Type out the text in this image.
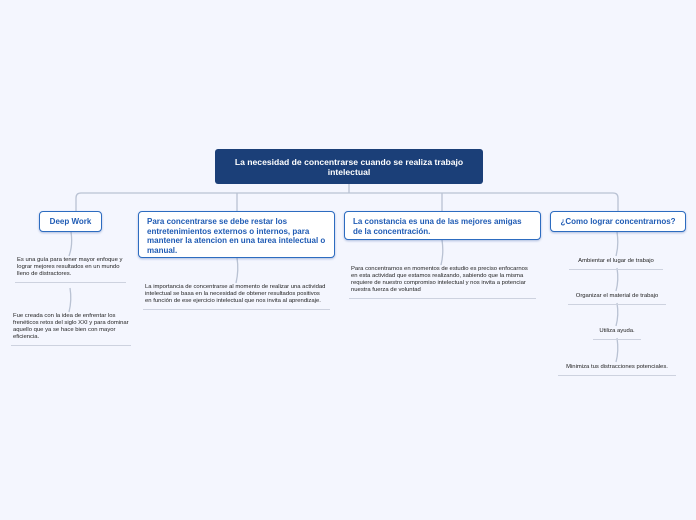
La necesidad de concentrarse cuando se realiza trabajo intelectual
Deep Work	Para concentrarse se debe restar los entretenimientos externos o internos, para mantener la atencion en una tarea intelectual o manual.
La constancia es una de las mejores amigas de la concentración.
¿Como lograr concentrarnos?
Es una guía para tener mayor enfoque y lograr mejores resultados en un mundo lleno de distractores.
Fue creada con la idea de enfrentar los frenéticos retos del siglo XXI y para dominar aquello que ya se hace bien con mayor eficiencia.
La importancia de concentrarse al momento de realizar una actividad intelectual se basa en la necesidad de obtener resultados positivos en función de ese ejercicio intelectual que nos invita al aprendizaje.
Para concentrarnos en momentos de estudio es preciso enfocarnos en esta actividad que estamos realizando, sabiendo que la misma requiere de nuestro compromiso intelectual y nos invita a potenciar nuestra fuerza de voluntad
Ambientar el lugar de trabajo
Organizar el material de trabajo
Utiliza ayuda.
Minimiza tus distracciones potenciales.
